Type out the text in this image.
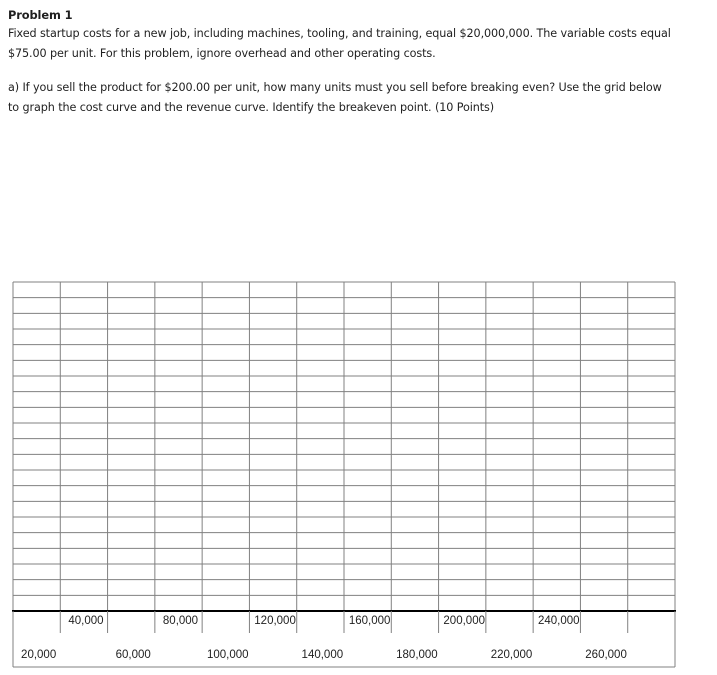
Problem 1
Fixed startup costs for a new job, including machines, tooling, and training, equal $20,000,000. The variable costs equal
$75.00 per unit. For this problem, ignore overhead and other operating costs.
a) If you sell the product for $200.00 per unit, how many units must you sell before breaking even? Use the grid below
to graph the cost curve and the revenue curve. Identify the breakeven point. (10 Points)
40,000	80,000	120,000	160,000	200,000	240,000
20,000	60,000	100,000	140,000	180,000	220,000	260,000
